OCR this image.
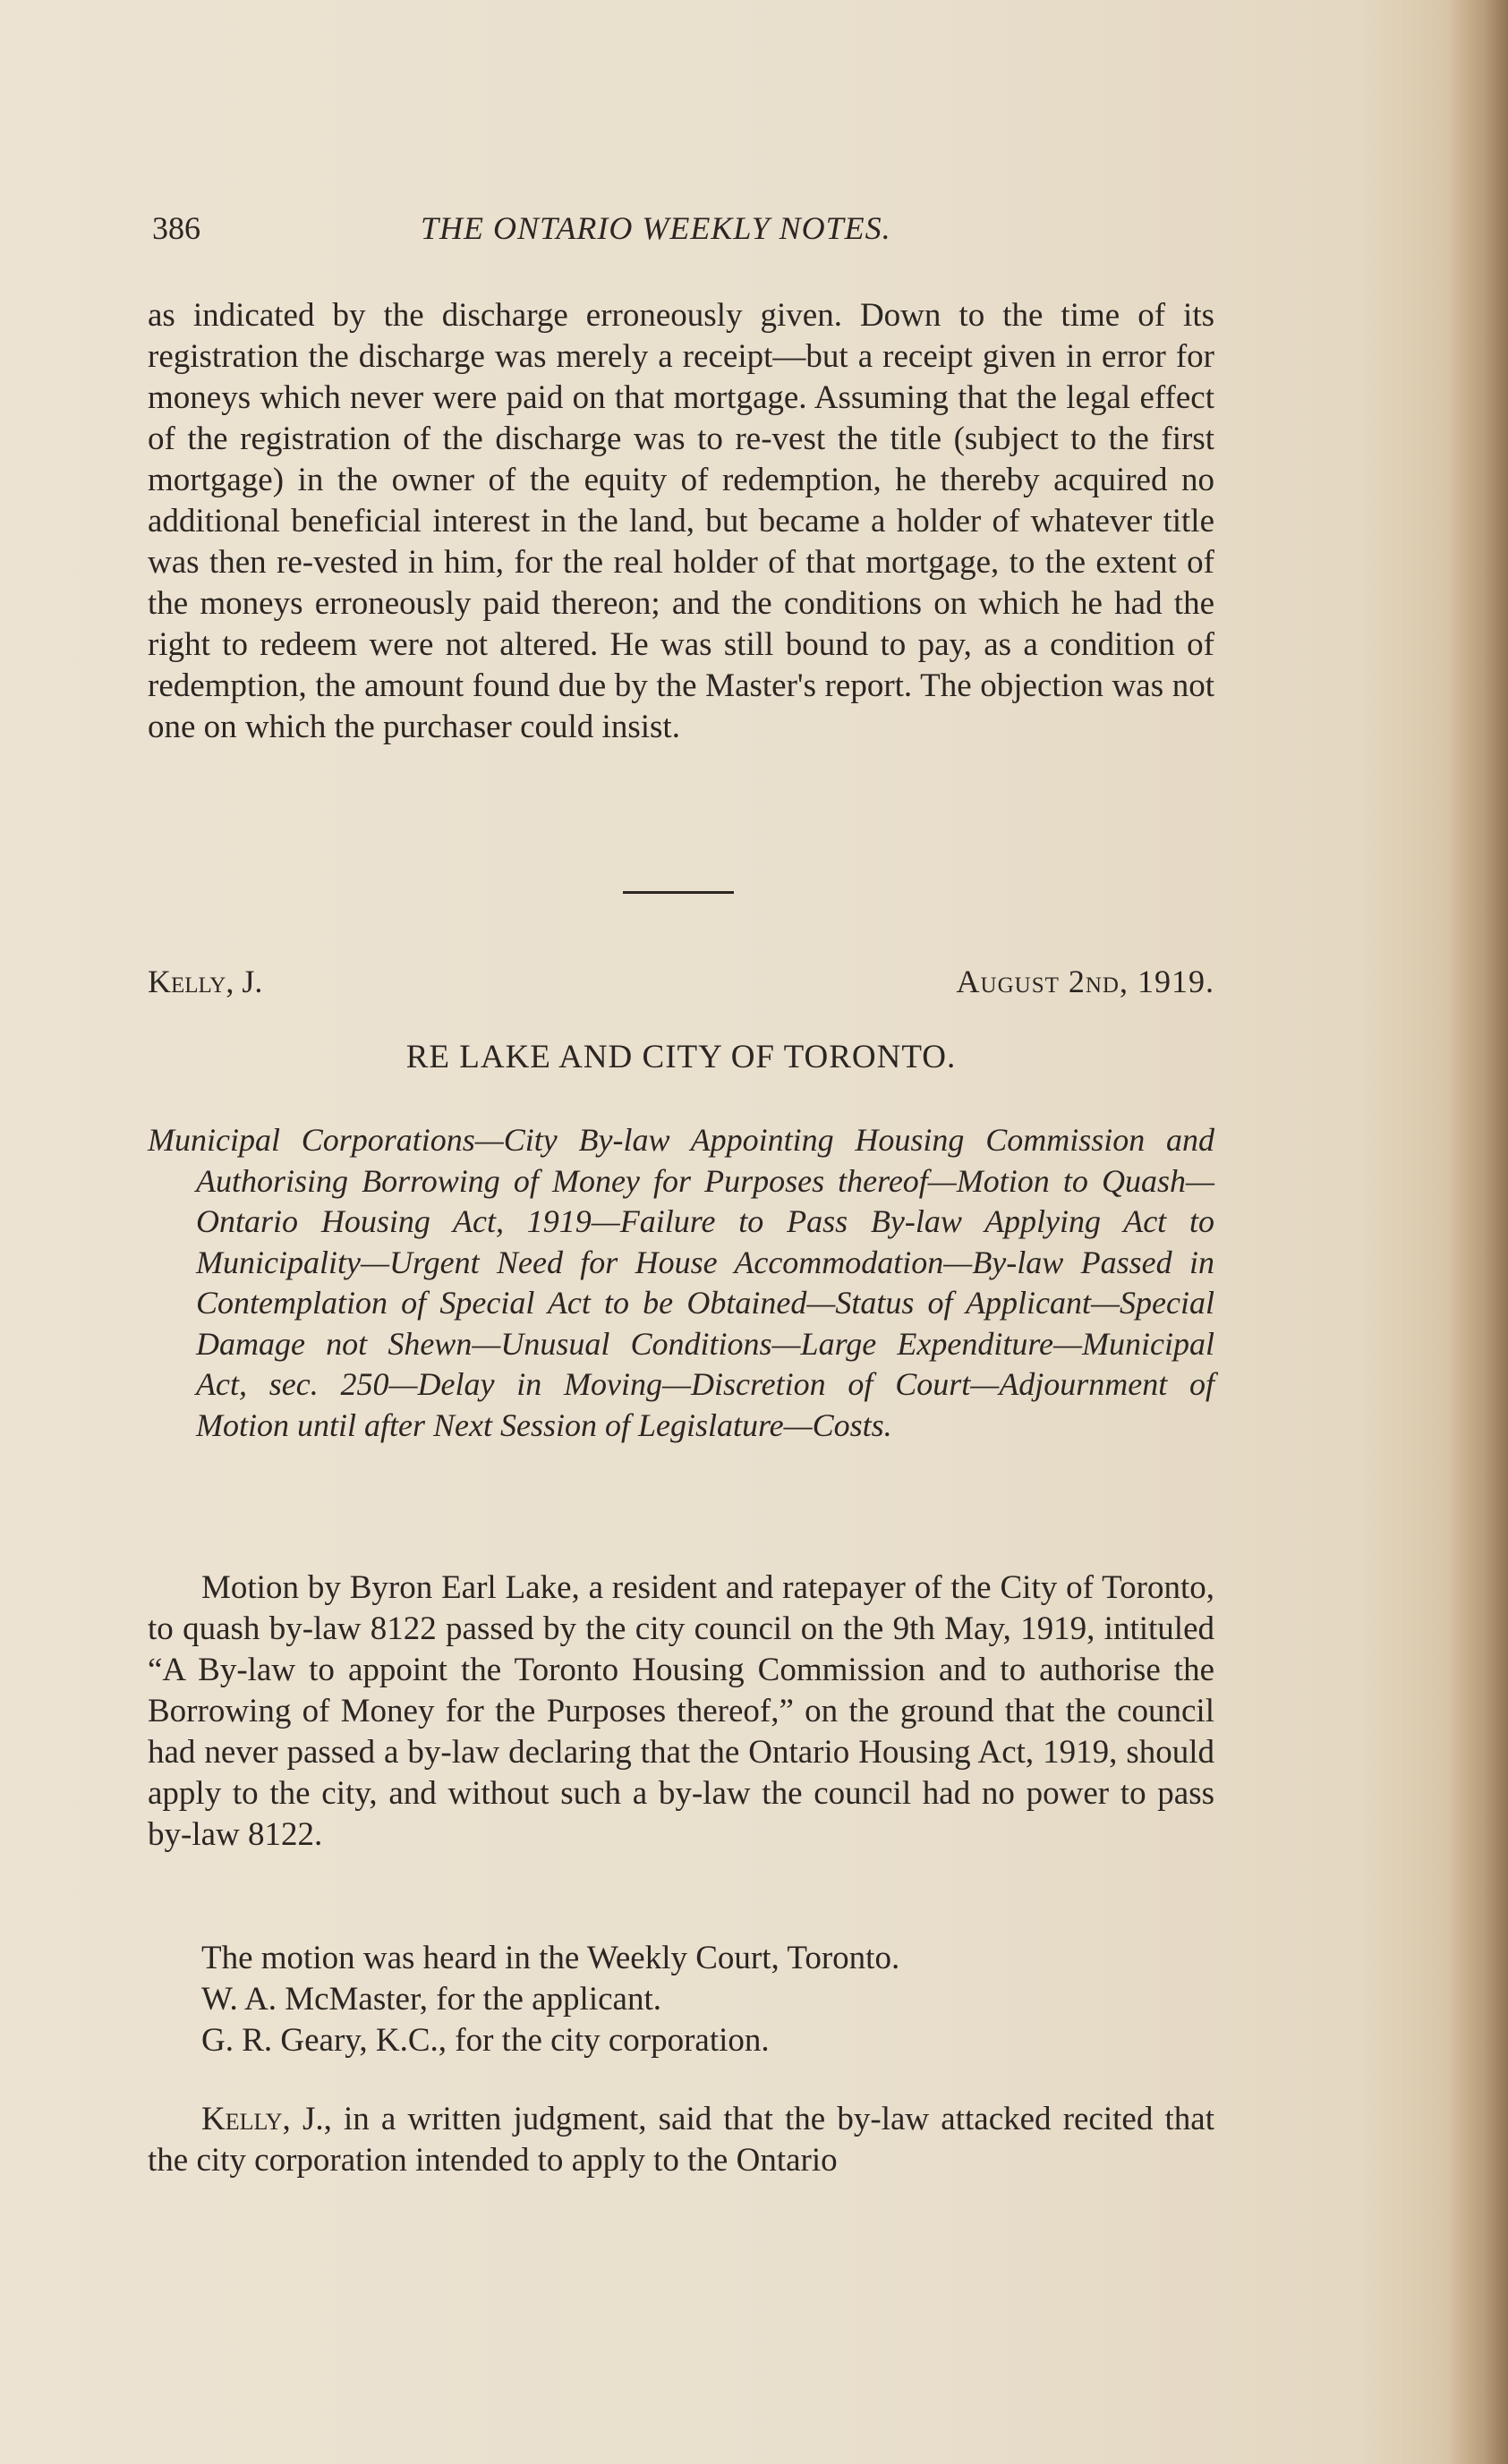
386	THE ONTARIO WEEKLY NOTES.

as indicated by the discharge erroneously given. Down to the time of its registration the discharge was merely a receipt—but a receipt given in error for moneys which never were paid on that mortgage. Assuming that the legal effect of the registration of the discharge was to re-vest the title (subject to the first mortgage) in the owner of the equity of redemption, he thereby acquired no additional beneficial interest in the land, but became a holder of whatever title was then re-vested in him, for the real holder of that mortgage, to the extent of the moneys erroneously paid thereon; and the conditions on which he had the right to redeem were not altered. He was still bound to pay, as a condition of redemption, the amount found due by the Master's report. The objection was not one on which the purchaser could insist.

Kelly, J.	August 2nd, 1919.

RE LAKE AND CITY OF TORONTO.

Municipal Corporations—City By-law Appointing Housing Commission and Authorising Borrowing of Money for Purposes thereof—Motion to Quash—Ontario Housing Act, 1919—Failure to Pass By-law Applying Act to Municipality—Urgent Need for House Accommodation—By-law Passed in Contemplation of Special Act to be Obtained—Status of Applicant—Special Damage not Shewn—Unusual Conditions—Large Expenditure—Municipal Act, sec. 250—Delay in Moving—Discretion of Court—Adjournment of Motion until after Next Session of Legislature—Costs.

Motion by Byron Earl Lake, a resident and ratepayer of the City of Toronto, to quash by-law 8122 passed by the city council on the 9th May, 1919, intituled “A By-law to appoint the Toronto Housing Commission and to authorise the Borrowing of Money for the Purposes thereof,” on the ground that the council had never passed a by-law declaring that the Ontario Housing Act, 1919, should apply to the city, and without such a by-law the council had no power to pass by-law 8122.

The motion was heard in the Weekly Court, Toronto.

W. A. McMaster, for the applicant.

G. R. Geary, K.C., for the city corporation.

Kelly, J., in a written judgment, said that the by-law attacked recited that the city corporation intended to apply to the Ontario
